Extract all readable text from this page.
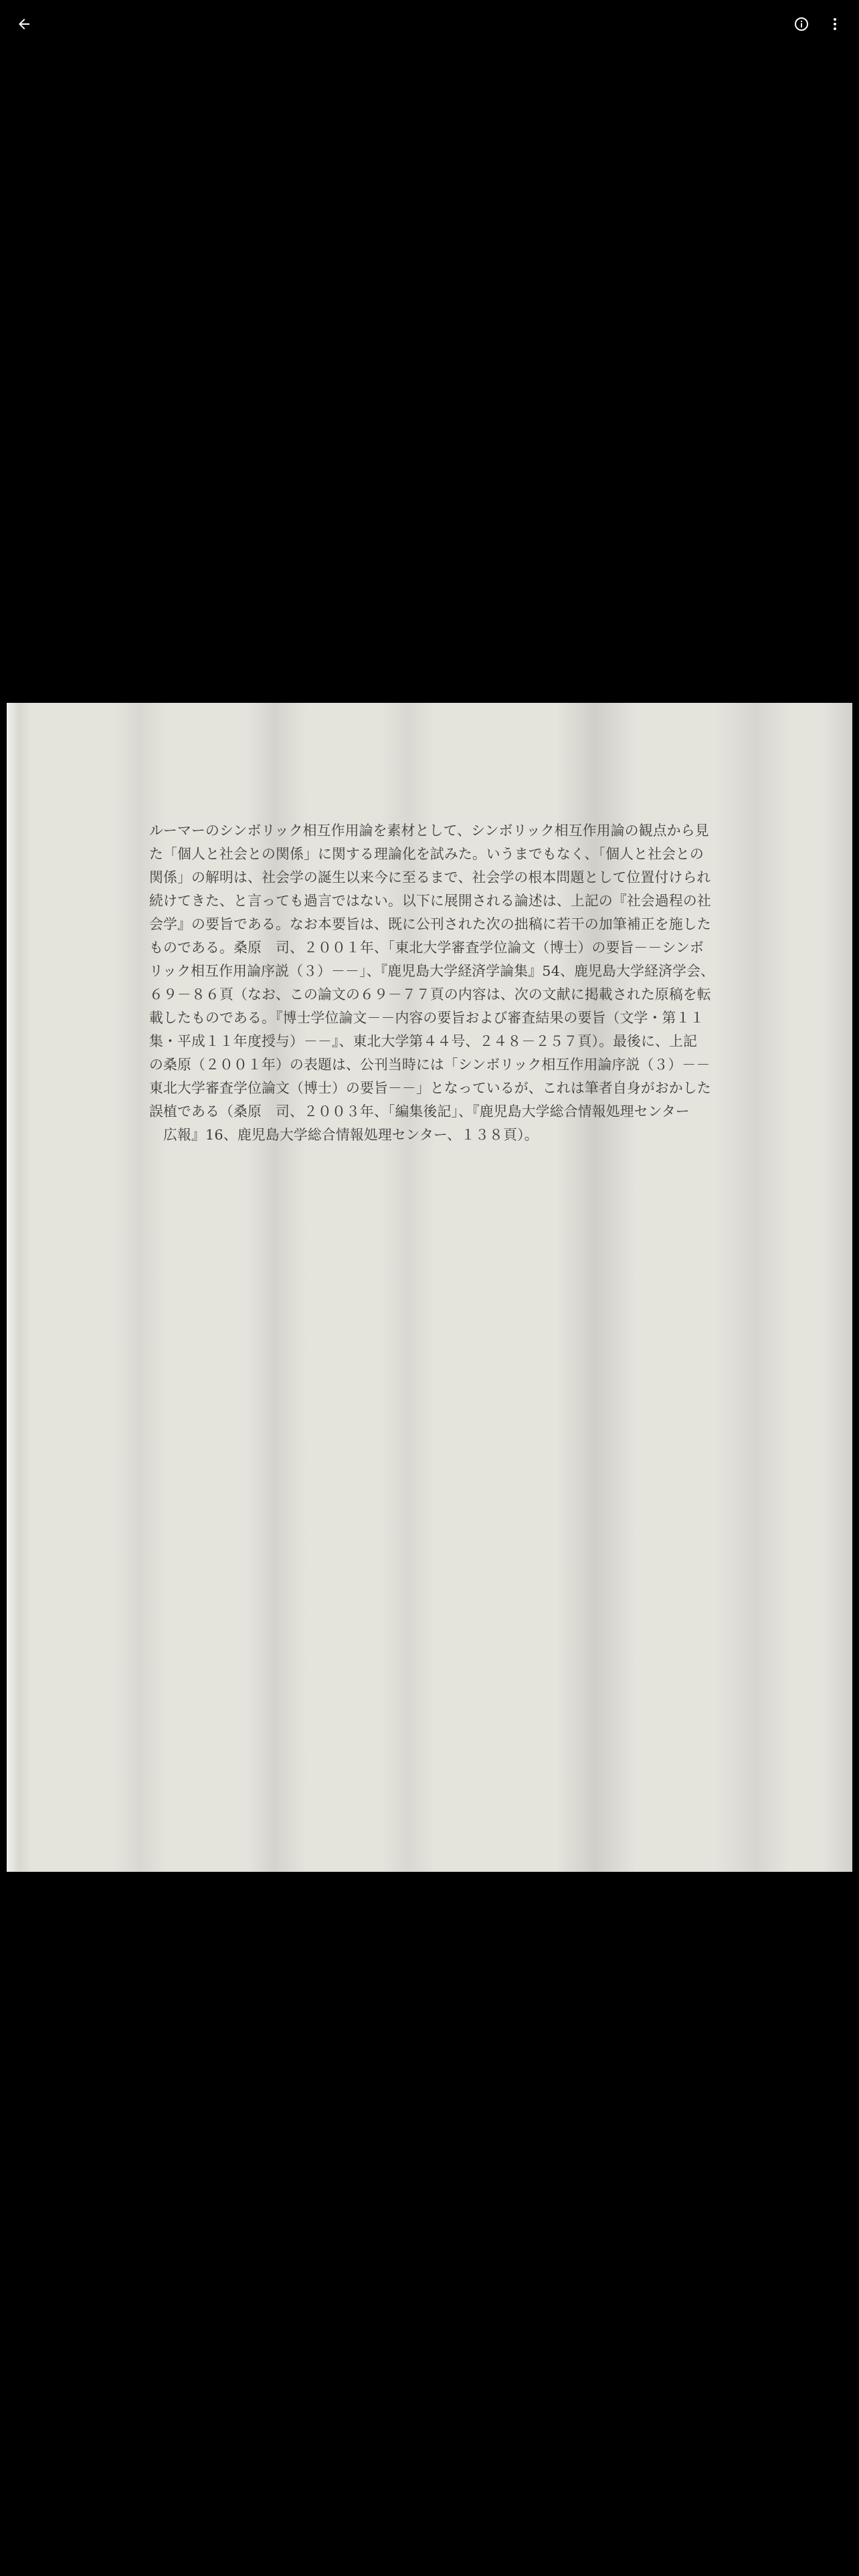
ルーマーのシンボリック相互作用論を素材として、シンボリック相互作用論の観点から見
た「個人と社会との関係」に関する理論化を試みた。いうまでもなく、「個人と社会との
関係」の解明は、社会学の誕生以来今に至るまで、社会学の根本問題として位置付けられ
続けてきた、と言っても過言ではない。以下に展開される論述は、上記の『社会過程の社
会学』の要旨である。なお本要旨は、既に公刊された次の拙稿に若干の加筆補正を施した
ものである。桑原　司、２００１年、「東北大学審査学位論文（博士）の要旨－－シンボ
リック相互作用論序説（３）－－」、『鹿児島大学経済学論集』54、鹿児島大学経済学会、
６９－８６頁（なお、この論文の６９－７７頁の内容は、次の文献に掲載された原稿を転
載したものである。『博士学位論文－－内容の要旨および審査結果の要旨（文学・第１１
集・平成１１年度授与）－－』、東北大学第４４号、２４８－２５７頁）。最後に、上記
の桑原（２００１年）の表題は、公刊当時には「シンボリック相互作用論序説（３）－－
東北大学審査学位論文（博士）の要旨－－」となっているが、これは筆者自身がおかした
誤植である（桑原　司、２００３年、「編集後記」、『鹿児島大学総合情報処理センター
　広報』16、鹿児島大学総合情報処理センター、１３８頁）。
